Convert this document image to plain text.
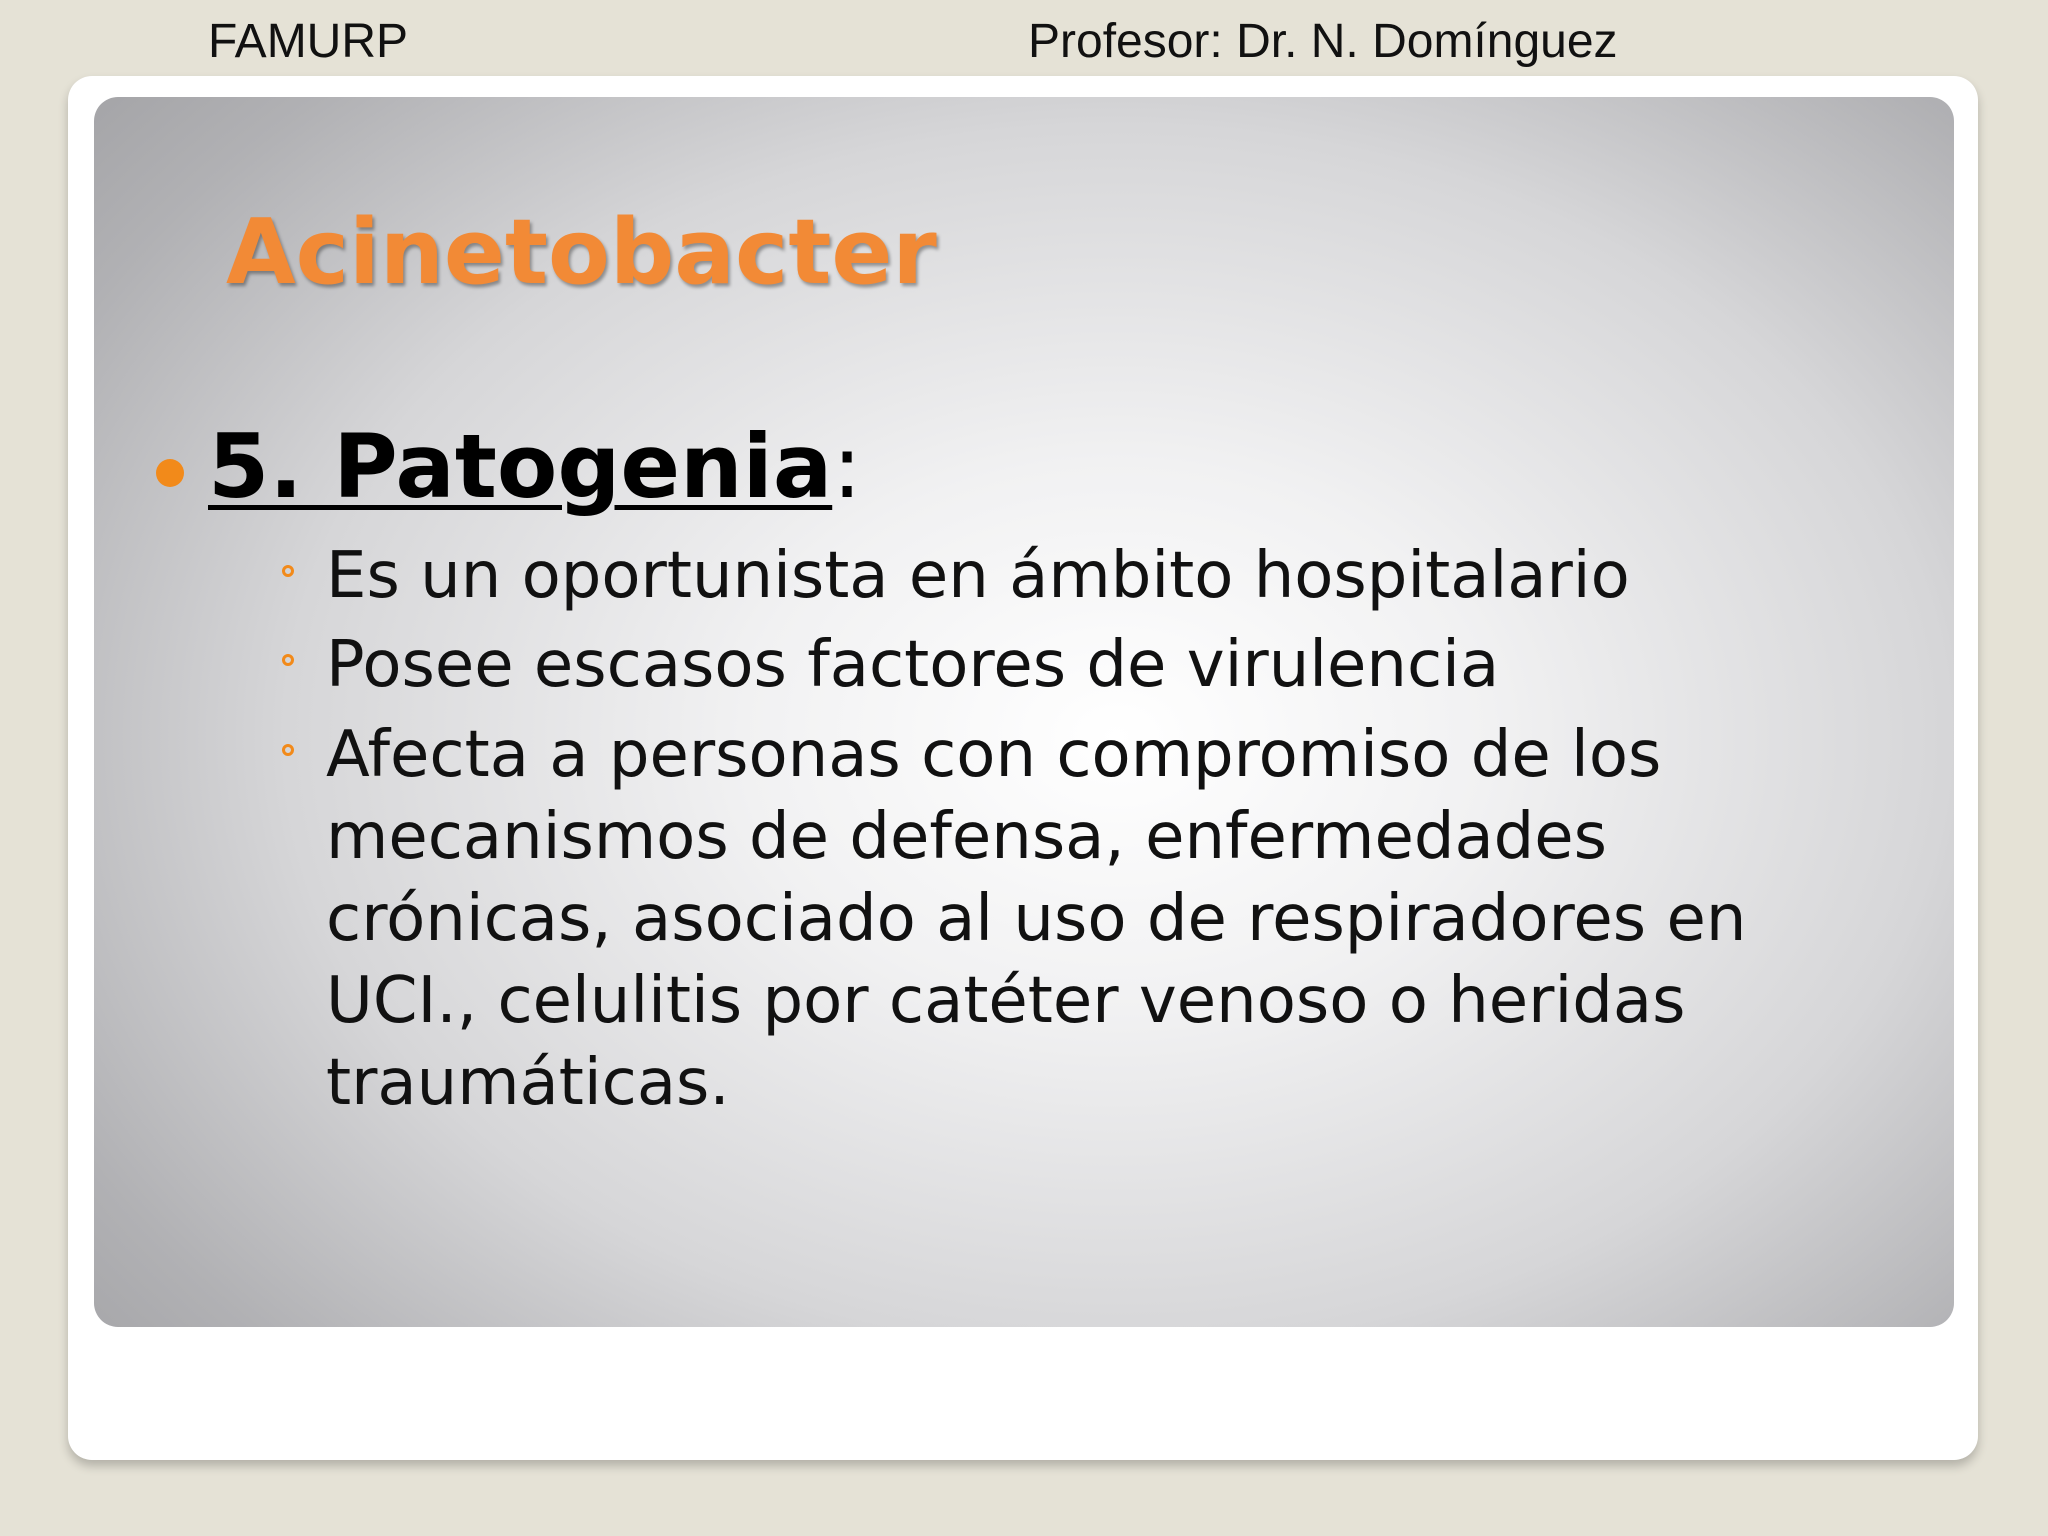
FAMURP	Profesor: Dr. N. Domínguez
Acinetobacter
5. Patogenia:
Es un oportunista en ámbito hospitalario
Posee escasos factores de virulencia
Afecta a personas con compromiso de los mecanismos de defensa, enfermedades crónicas, asociado al uso de respiradores en UCI., celulitis por catéter venoso o heridas traumáticas.
